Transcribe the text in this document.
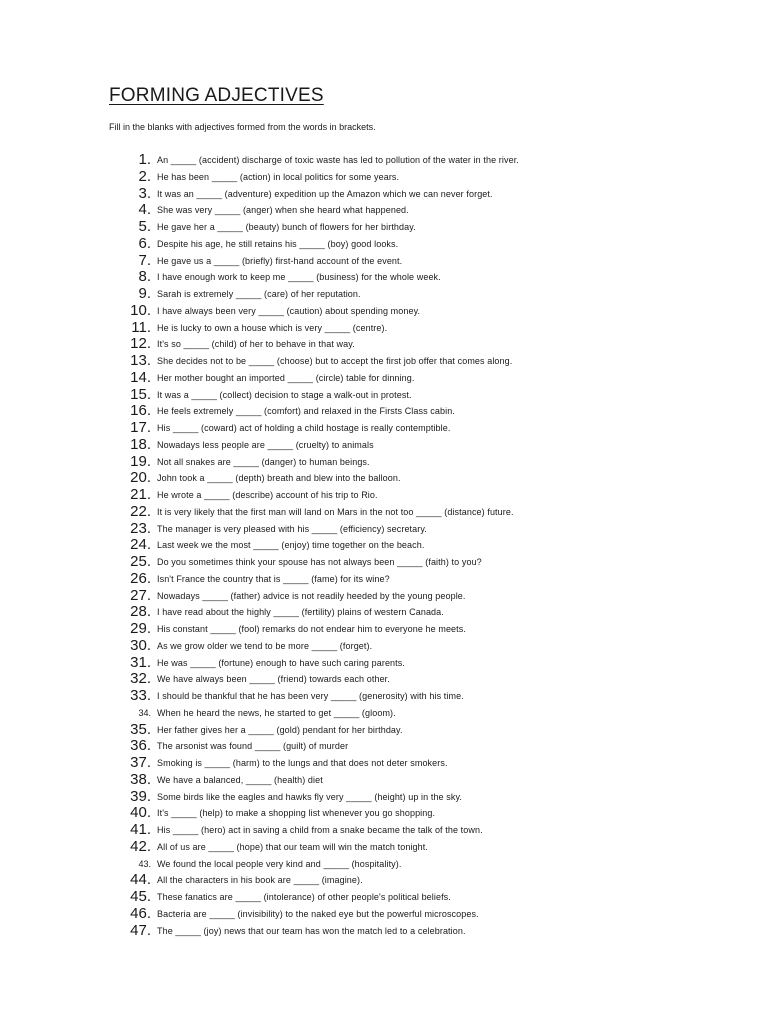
FORMING ADJECTIVES
Fill in the blanks with adjectives formed from the words in brackets.
1. An _____ (accident) discharge of toxic waste has led to pollution of the water in the river.
2. He has been _____ (action) in local politics for some years.
3. It was an _____ (adventure) expedition up the Amazon which we can never forget.
4. She was very _____ (anger) when she heard what happened.
5. He gave her a _____ (beauty) bunch of flowers for her birthday.
6. Despite his age, he still retains his _____ (boy) good looks.
7. He gave us a _____ (briefly) first-hand account of the event.
8. I have enough work to keep me _____ (business) for the whole week.
9. Sarah is extremely _____ (care) of her reputation.
10. I have always been very _____ (caution) about spending money.
11. He is lucky to own a house which is very _____ (centre).
12. It's so _____ (child) of her to behave in that way.
13. She decides not to be _____ (choose) but to accept the first job offer that comes along.
14. Her mother bought an imported _____ (circle) table for dinning.
15. It was a _____ (collect) decision to stage a walk-out in protest.
16. He feels extremely _____ (comfort) and relaxed in the Firsts Class cabin.
17. His _____ (coward) act of holding a child hostage is really contemptible.
18. Nowadays less people are _____ (cruelty) to animals
19. Not all snakes are _____ (danger) to human beings.
20. John took a _____ (depth) breath and blew into the balloon.
21. He wrote a _____ (describe) account of his trip to Rio.
22. It is very likely that the first man will land on Mars in the not too _____ (distance) future.
23. The manager is very pleased with his _____ (efficiency) secretary.
24. Last week we the most _____ (enjoy) time together on the beach.
25. Do you sometimes think your spouse has not always been _____ (faith) to you?
26. Isn't France the country that is _____ (fame) for its wine?
27. Nowadays _____ (father) advice is not readily heeded by the young people.
28. I have read about the highly _____ (fertility) plains of western Canada.
29. His constant _____ (fool) remarks do not endear him to everyone he meets.
30. As we grow older we tend to be more _____ (forget).
31. He was _____ (fortune) enough to have such caring parents.
32. We have always been _____ (friend) towards each other.
33. I should be thankful that he has been very _____ (generosity) with his time.
34. When he heard the news, he started to get _____ (gloom).
35. Her father gives her a _____ (gold) pendant for her birthday.
36. The arsonist was found _____ (guilt) of murder
37. Smoking is _____ (harm) to the lungs and that does not deter smokers.
38. We have a balanced, _____ (health) diet
39. Some birds like the eagles and hawks fly very _____ (height) up in the sky.
40. It's _____ (help) to make a shopping list whenever you go shopping.
41. His _____ (hero) act in saving a child from a snake became the talk of the town.
42. All of us are _____ (hope) that our team will win the match tonight.
43. We found the local people very kind and _____ (hospitality).
44. All the characters in his book are _____ (imagine).
45. These fanatics are _____ (intolerance) of other people's political beliefs.
46. Bacteria are _____ (invisibility) to the naked eye but the powerful microscopes.
47. The _____ (joy) news that our team has won the match led to a celebration.
